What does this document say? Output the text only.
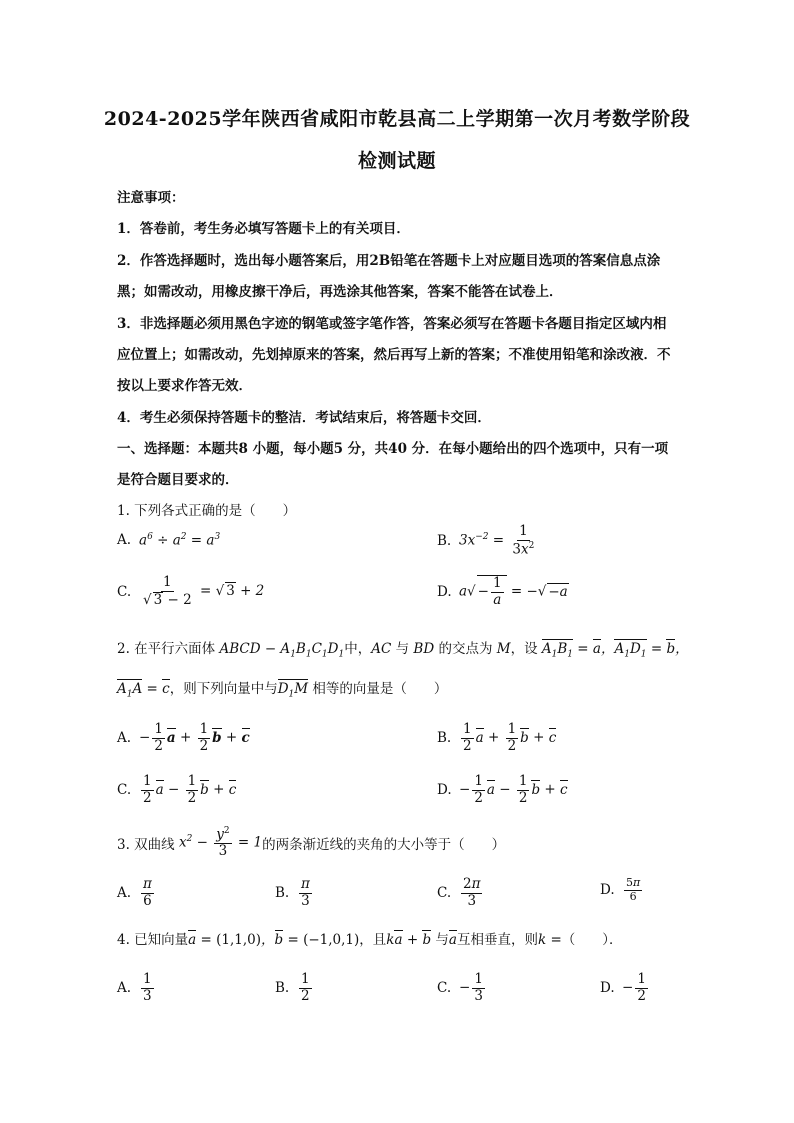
2024-2025学年陕西省咸阳市乾县高二上学期第一次月考数学阶段
检测试题
注意事项：
1．答卷前，考生务必填写答题卡上的有关项目．
2．作答选择题时，选出每小题答案后，用2B铅笔在答题卡上对应题目选项的答案信息点涂
黑；如需改动，用橡皮擦干净后，再选涂其他答案，答案不能答在试卷上．
3．非选择题必须用黑色字迹的钢笔或签字笔作答，答案必须写在答题卡各题目指定区域内相
应位置上；如需改动，先划掉原来的答案，然后再写上新的答案；不准使用铅笔和涂改液．不
按以上要求作答无效．
4．考生必须保持答题卡的整洁．考试结束后，将答题卡交回．
一、选择题：本题共8 小题，每小题5 分，共40 分．在每小题给出的四个选项中，只有一项
是符合题目要求的．
1. 下列各式正确的是（　　）
A. $a^6 \div a^2 = a^3$	B. $3x^{-2} = \frac{1}{3x^2}$
C. $\frac{1}{√ 3 - 2}$ = √ 3 + 2	D. $a√ - \frac{1}{a}$ = −√ −a
2. 在平行六面体 ABCD − $A_1B_1C_1D_1$中，AC 与 BD 的交点为 M，设 $A_1B_1 = a$，$A_1D_1 = b$，
$A_1A = c$，则下列向量中与$D_1M$ 相等的向量是（　　）
A. − $\frac{1}{2}$ $a + \frac{1}{2}$ b + c	B. $\frac{1}{2}$ $a + \frac{1}{2}$ b + c
C. $\frac{1}{2}$ $a - \frac{1}{2}$ b + c	D. − $\frac{1}{2}$ $a - \frac{1}{2}$ b + c
3. 双曲线 $x^2 - \frac{y^2}{3} = 1$ 的两条渐近线的夹角的大小等于（　　）
A. $\frac{\pi}{6}$	B. $\frac{\pi}{3}$	C. $\frac{2\pi}{3}$	D. $\frac{5\pi}{6}$
4. 已知向量a = (1,1,0)，b = (−1,0,1)，且ka + b 与a互相垂直，则k =（　　）．
A. $\frac{1}{3}$	B. $\frac{1}{2}$	C. − $\frac{1}{3}$	D. − $\frac{1}{2}$
